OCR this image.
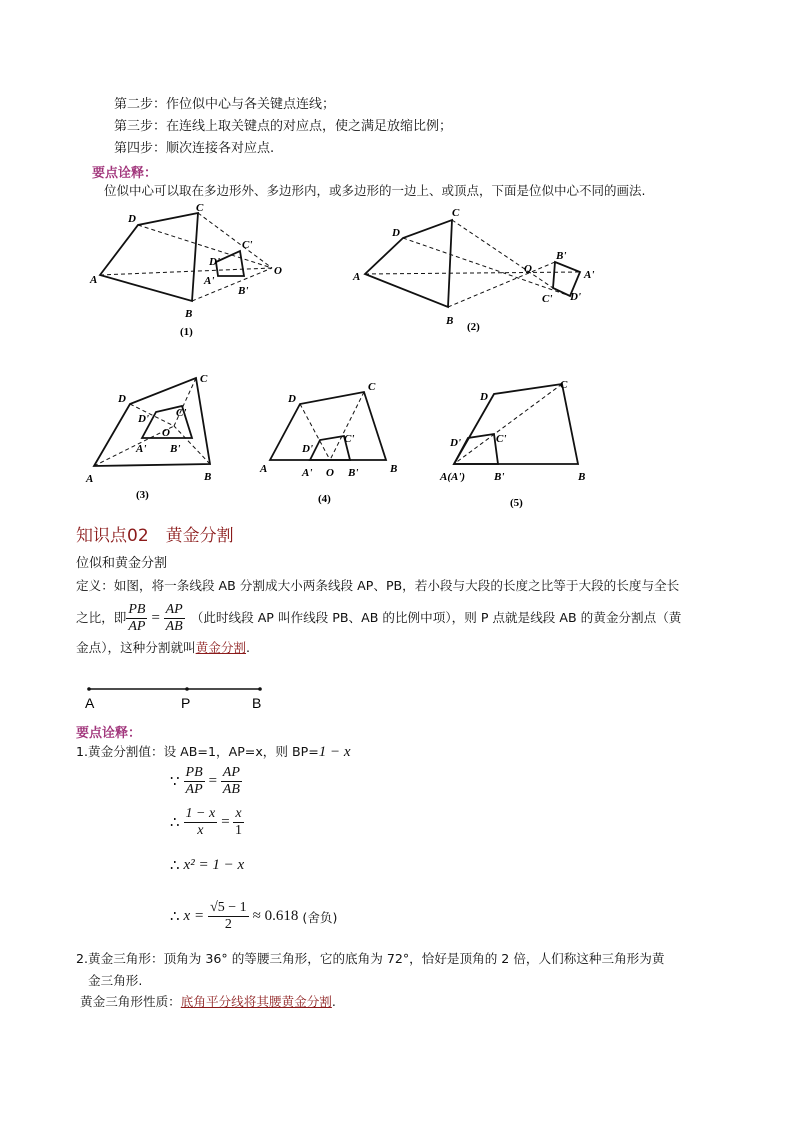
第二步：作位似中心与各关键点连线；
第三步：在连线上取关键点的对应点，使之满足放缩比例；
第四步：顺次连接各对应点.
要点诠释：
位似中心可以取在多边形外、多边形内，或多边形的一边上、或顶点，下面是位似中心不同的画法.
A
D
C
B
D'
C'
A'
B'
O
(1)
A
D
C
B
O
B'
A'
C' D'
(2)
A
D
C
B
D' C'
O
A' B'
(3)
A
D
C
B
D'
C'
A' O B'
(4)
A(A')
D
C
B
D'	C'
B'
(5)
知识点02　黄金分割
位似和黄金分割
定义：如图，将一条线段 AB 分割成大小两条线段 AP、PB，若小段与大段的长度之比等于大段的长度与全长
之比，即 $\frac{PB}{AP} = \frac{AP}{AB}$ （此时线段 AP 叫作线段 PB、AB 的比例中项），则 P 点就是线段 AB 的黄金分割点（黄
金点），这种分割就叫黄金分割.
A	P	B
要点诠释：
1.黄金分割值：设 AB=1，AP=x，则 BP=1 − x
∵ $\frac{PB}{AP} = \frac{AP}{AB}$
∴ $\frac{1 - x}{x} = \frac{x}{1}$
∴ x² = 1 − x
∴ $x = \frac{√5 - 1}{2} \approx 0.618$ (舍负)
2.黄金三角形：顶角为 36° 的等腰三角形，它的底角为 72°，恰好是顶角的 2 倍，人们称这种三角形为黄
金三角形.
黄金三角形性质：底角平分线将其腰黄金分割.
